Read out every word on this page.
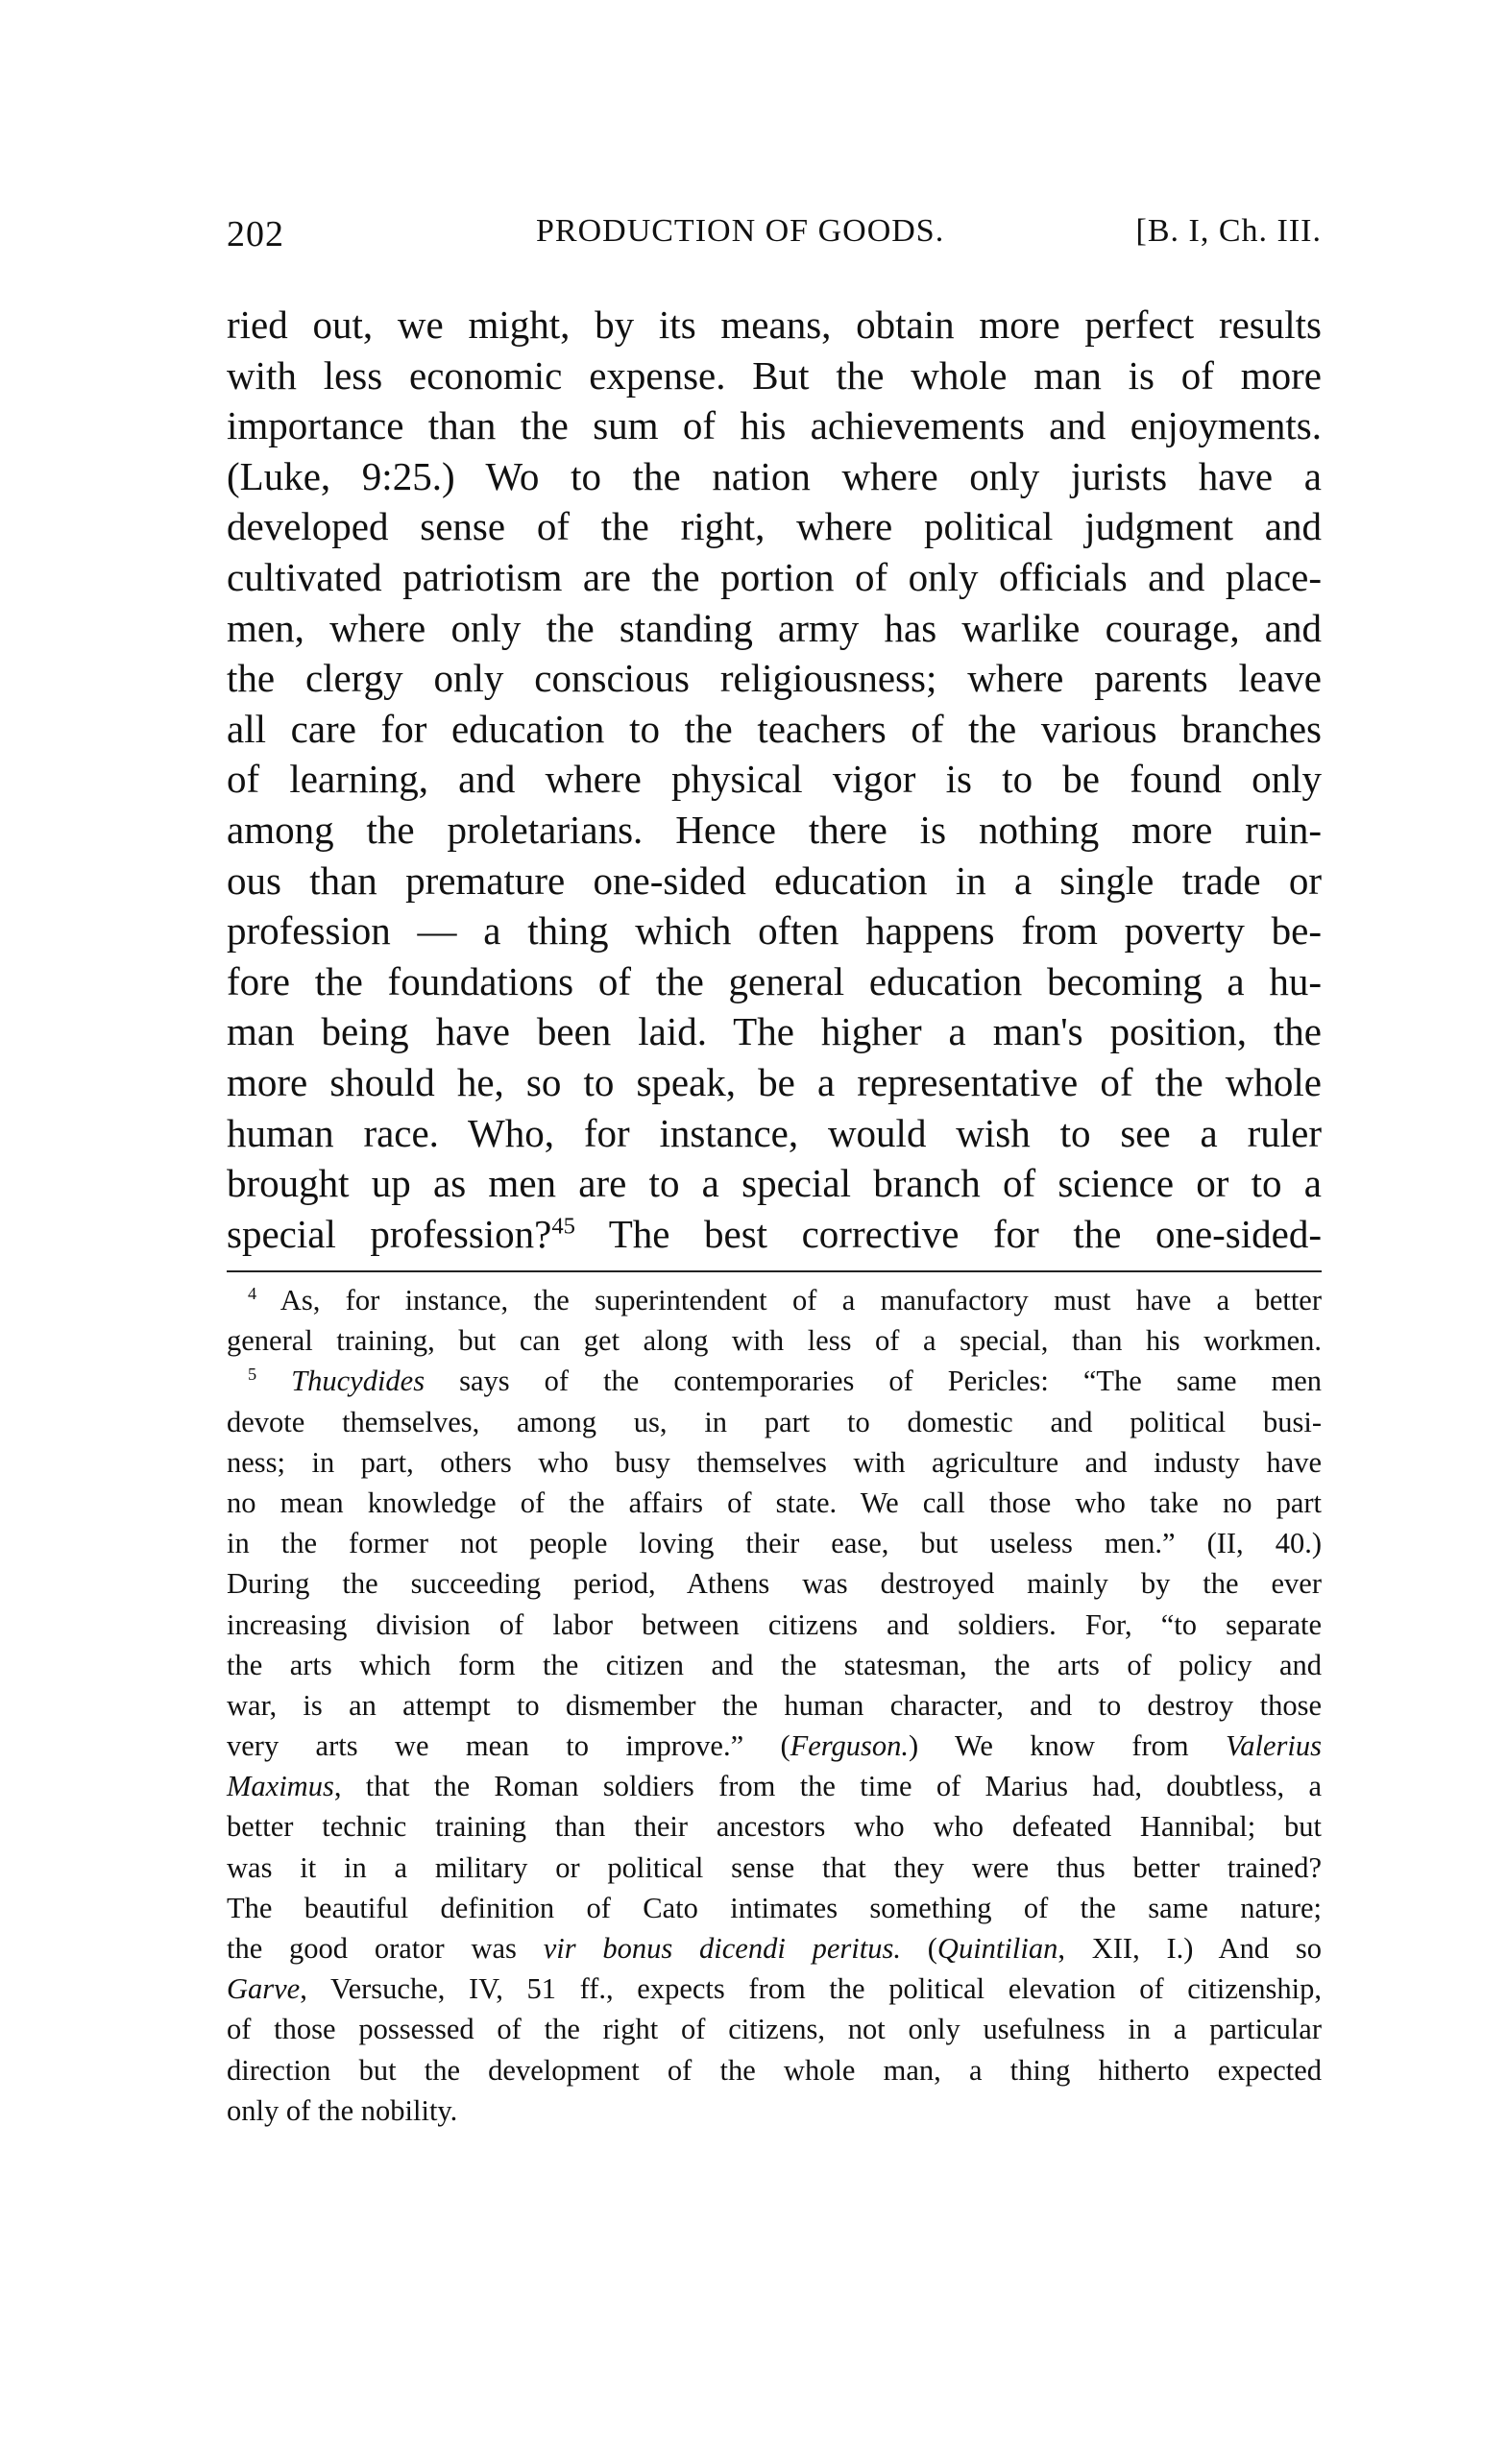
202	PRODUCTION OF GOODS.	[B. I, Ch. III.
ried out, we might, by its means, obtain more perfect results
with less economic expense. But the whole man is of more
importance than the sum of his achievements and enjoyments.
(Luke, 9:25.) Wo to the nation where only jurists have a
developed sense of the right, where political judgment and
cultivated patriotism are the portion of only officials and place-
men, where only the standing army has warlike courage, and
the clergy only conscious religiousness; where parents leave
all care for education to the teachers of the various branches
of learning, and where physical vigor is to be found only
among the proletarians. Hence there is nothing more ruin-
ous than premature one-sided education in a single trade or
profession — a thing which often happens from poverty be-
fore the foundations of the general education becoming a hu-
man being have been laid. The higher a man's position, the
more should he, so to speak, be a representative of the whole
human race. Who, for instance, would wish to see a ruler
brought up as men are to a special branch of science or to a
special profession?$^{45}$ The best corrective for the one-sided-
$^4$ As, for instance, the superintendent of a manufactory must have a better
general training, but can get along with less of a special, than his workmen.
$^5$ Thucydides says of the contemporaries of Pericles: “The same men
devote themselves, among us, in part to domestic and political busi-
ness; in part, others who busy themselves with agriculture and industy have
no mean knowledge of the affairs of state. We call those who take no part
in the former not people loving their ease, but useless men.” (II, 40.)
During the succeeding period, Athens was destroyed mainly by the ever
increasing division of labor between citizens and soldiers. For, “to separate
the arts which form the citizen and the statesman, the arts of policy and
war, is an attempt to dismember the human character, and to destroy those
very arts we mean to improve.” (Ferguson.) We know from Valerius
Maximus, that the Roman soldiers from the time of Marius had, doubtless, a
better technic training than their ancestors who who defeated Hannibal; but
was it in a military or political sense that they were thus better trained?
The beautiful definition of Cato intimates something of the same nature;
the good orator was vir bonus dicendi peritus. (Quintilian, XII, I.) And so
Garve, Versuche, IV, 51 ff., expects from the political elevation of citizenship,
of those possessed of the right of citizens, not only usefulness in a particular
direction but the development of the whole man, a thing hitherto expected
only of the nobility.
